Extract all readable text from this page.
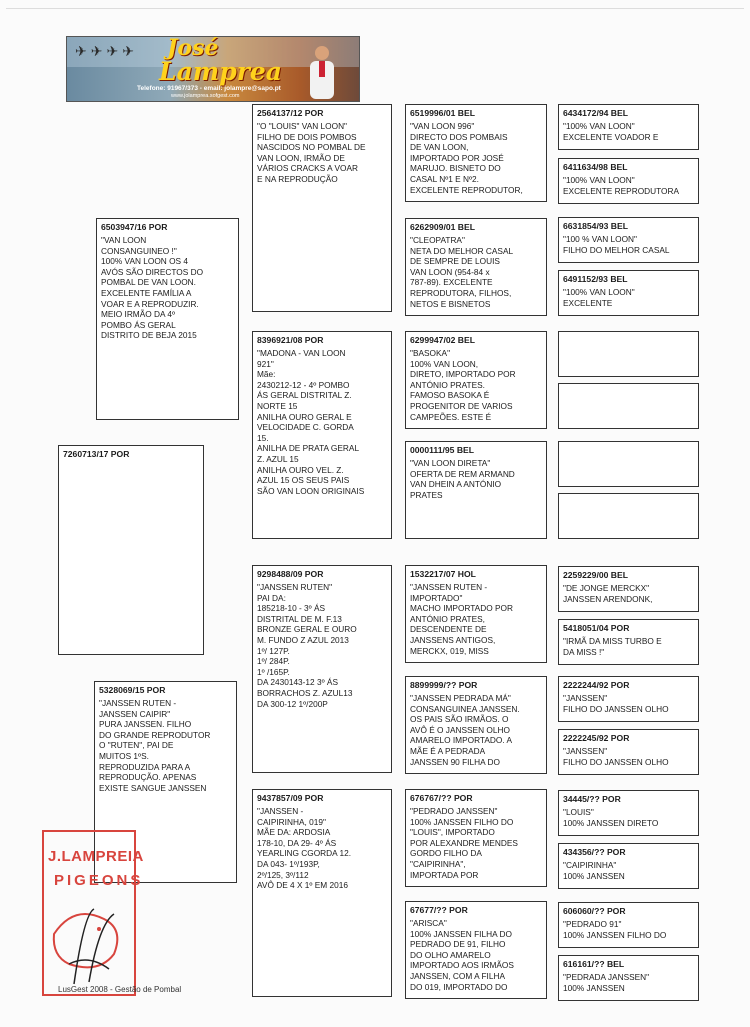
✈✈✈✈ José
Lamprea
Telefone: 91967/373 - email: jolampre@sapo.pt
www.jolamprea.sofgest.com
7260713/17 POR
6503947/16 POR
"VAN LOON
CONSANGUINEO !"
100% VAN LOON OS 4
AVÓS SÃO DIRECTOS DO
POMBAL DE VAN LOON.
EXCELENTE FAMÍLIA A
VOAR E A REPRODUZIR.
MEIO IRMÃO DA 4º
POMBO ÁS GERAL
DISTRITO DE BEJA 2015
5328069/15 POR
"JANSSEN RUTEN -
JANSSEN CAIPIR"
PURA JANSSEN. FILHO
DO GRANDE REPRODUTOR
O "RUTEN", PAI DE
MUITOS 1ºS.
REPRODUZIDA PARA A
REPRODUÇÃO. APENAS
EXISTE SANGUE JANSSEN
2564137/12 POR
"O "LOUIS" VAN LOON"
FILHO DE DOIS POMBOS
NASCIDOS NO POMBAL DE
VAN LOON, IRMÃO DE
VÁRIOS CRACKS A VOAR
E NA REPRODUÇÃO
8396921/08 POR
"MADONA - VAN LOON
921"
Mãe:
2430212-12 - 4º POMBO
ÁS GERAL DISTRITAL Z.
NORTE 15
ANILHA OURO GERAL E
VELOCIDADE C. GORDA
15.
ANILHA DE PRATA GERAL
Z. AZUL 15
ANILHA OURO VEL. Z.
AZUL 15 OS SEUS PAIS
SÃO VAN LOON ORIGINAIS
9298488/09 POR
"JANSSEN RUTEN"
PAI DA:
185218-10 - 3º ÁS
DISTRITAL DE M. F.13
BRONZE GERAL E OURO
M. FUNDO Z AZUL 2013
1º/ 127P.
1º/ 284P.
1º /165P.
DA 2430143-12 3º ÁS
BORRACHOS Z. AZUL13
DA 300-12 1º/200P
9437857/09 POR
"JANSSEN -
CAIPIRINHA, 019"
MÃE DA: ARDOSIA
178-10, DA 29- 4º ÁS
YEARLING CGORDA 12.
DA 043- 1º/193P,
2º/125, 3º/112
AVÔ DE 4 X 1º EM 2016
6519996/01 BEL
"VAN LOON 996"
DIRECTO DOS POMBAIS
DE VAN LOON,
IMPORTADO POR JOSÉ
MARUJO. BISNETO DO
CASAL Nº1 E Nº2.
EXCELENTE REPRODUTOR,
6262909/01 BEL
"CLEOPATRA"
NETA DO MELHOR CASAL
DE SEMPRE DE LOUIS
VAN LOON (954-84 x
787-89). EXCELENTE
REPRODUTORA, FILHOS,
NETOS E BISNETOS
6299947/02 BEL
"BASOKA"
100% VAN LOON,
DIRETO, IMPORTADO POR
ANTÓNIO PRATES.
FAMOSO BASOKA É
PROGENITOR DE VARIOS
CAMPEÕES. ESTE É
0000111/95 BEL
"VAN LOON DIRETA"
OFERTA DE REM ARMAND
VAN DHEIN A ANTÓNIO
PRATES
1532217/07 HOL
"JANSSEN RUTEN -
IMPORTADO"
MACHO IMPORTADO POR
ANTÓNIO PRATES,
DESCENDENTE DE
JANSSENS ANTIGOS,
MERCKX, 019, MISS
8899999/?? POR
"JANSSEN PEDRADA MÁ"
CONSANGUINEA JANSSEN.
OS PAIS SÃO IRMÃOS. O
AVÔ É O JANSSEN OLHO
AMARELO IMPORTADO. A
MÃE É A PEDRADA
JANSSEN 90 FILHA DO
676767/?? POR
"PEDRADO JANSSEN"
100% JANSSEN FILHO DO
"LOUIS", IMPORTADO
POR ALEXANDRE MENDES
GORDO FILHO DA
"CAIPIRINHA",
IMPORTADA POR
67677/?? POR
"ARISCA"
100% JANSSEN FILHA DO
PEDRADO DE 91, FILHO
DO OLHO AMARELO
IMPORTADO AOS IRMÃOS
JANSSEN, COM A FILHA
DO 019, IMPORTADO DO
6434172/94 BEL
"100% VAN LOON"
EXCELENTE VOADOR E
6411634/98 BEL
"100% VAN LOON"
EXCELENTE REPRODUTORA
6631854/93 BEL
"100 % VAN LOON"
FILHO DO MELHOR CASAL
6491152/93 BEL
"100% VAN LOON"
EXCELENTE
2259229/00 BEL
"DE JONGE MERCKX"
JANSSEN ARENDONK,
5418051/04 POR
"IRMÃ DA MISS TURBO E
DA MISS !"
2222244/92 POR
"JANSSEN"
FILHO DO JANSSEN OLHO
2222245/92 POR
"JANSSEN"
FILHO DO JANSSEN OLHO
34445/?? POR
"LOUIS"
100% JANSSEN DIRETO
434356/?? POR
"CAIPIRINHA"
100% JANSSEN
606060/?? POR
"PEDRADO 91"
100% JANSSEN FILHO DO
616161/?? BEL
"PEDRADA JANSSEN"
100% JANSSEN
J.LAMPREIA
PIGEONS
LusGest 2008 - Gestão de Pombal
